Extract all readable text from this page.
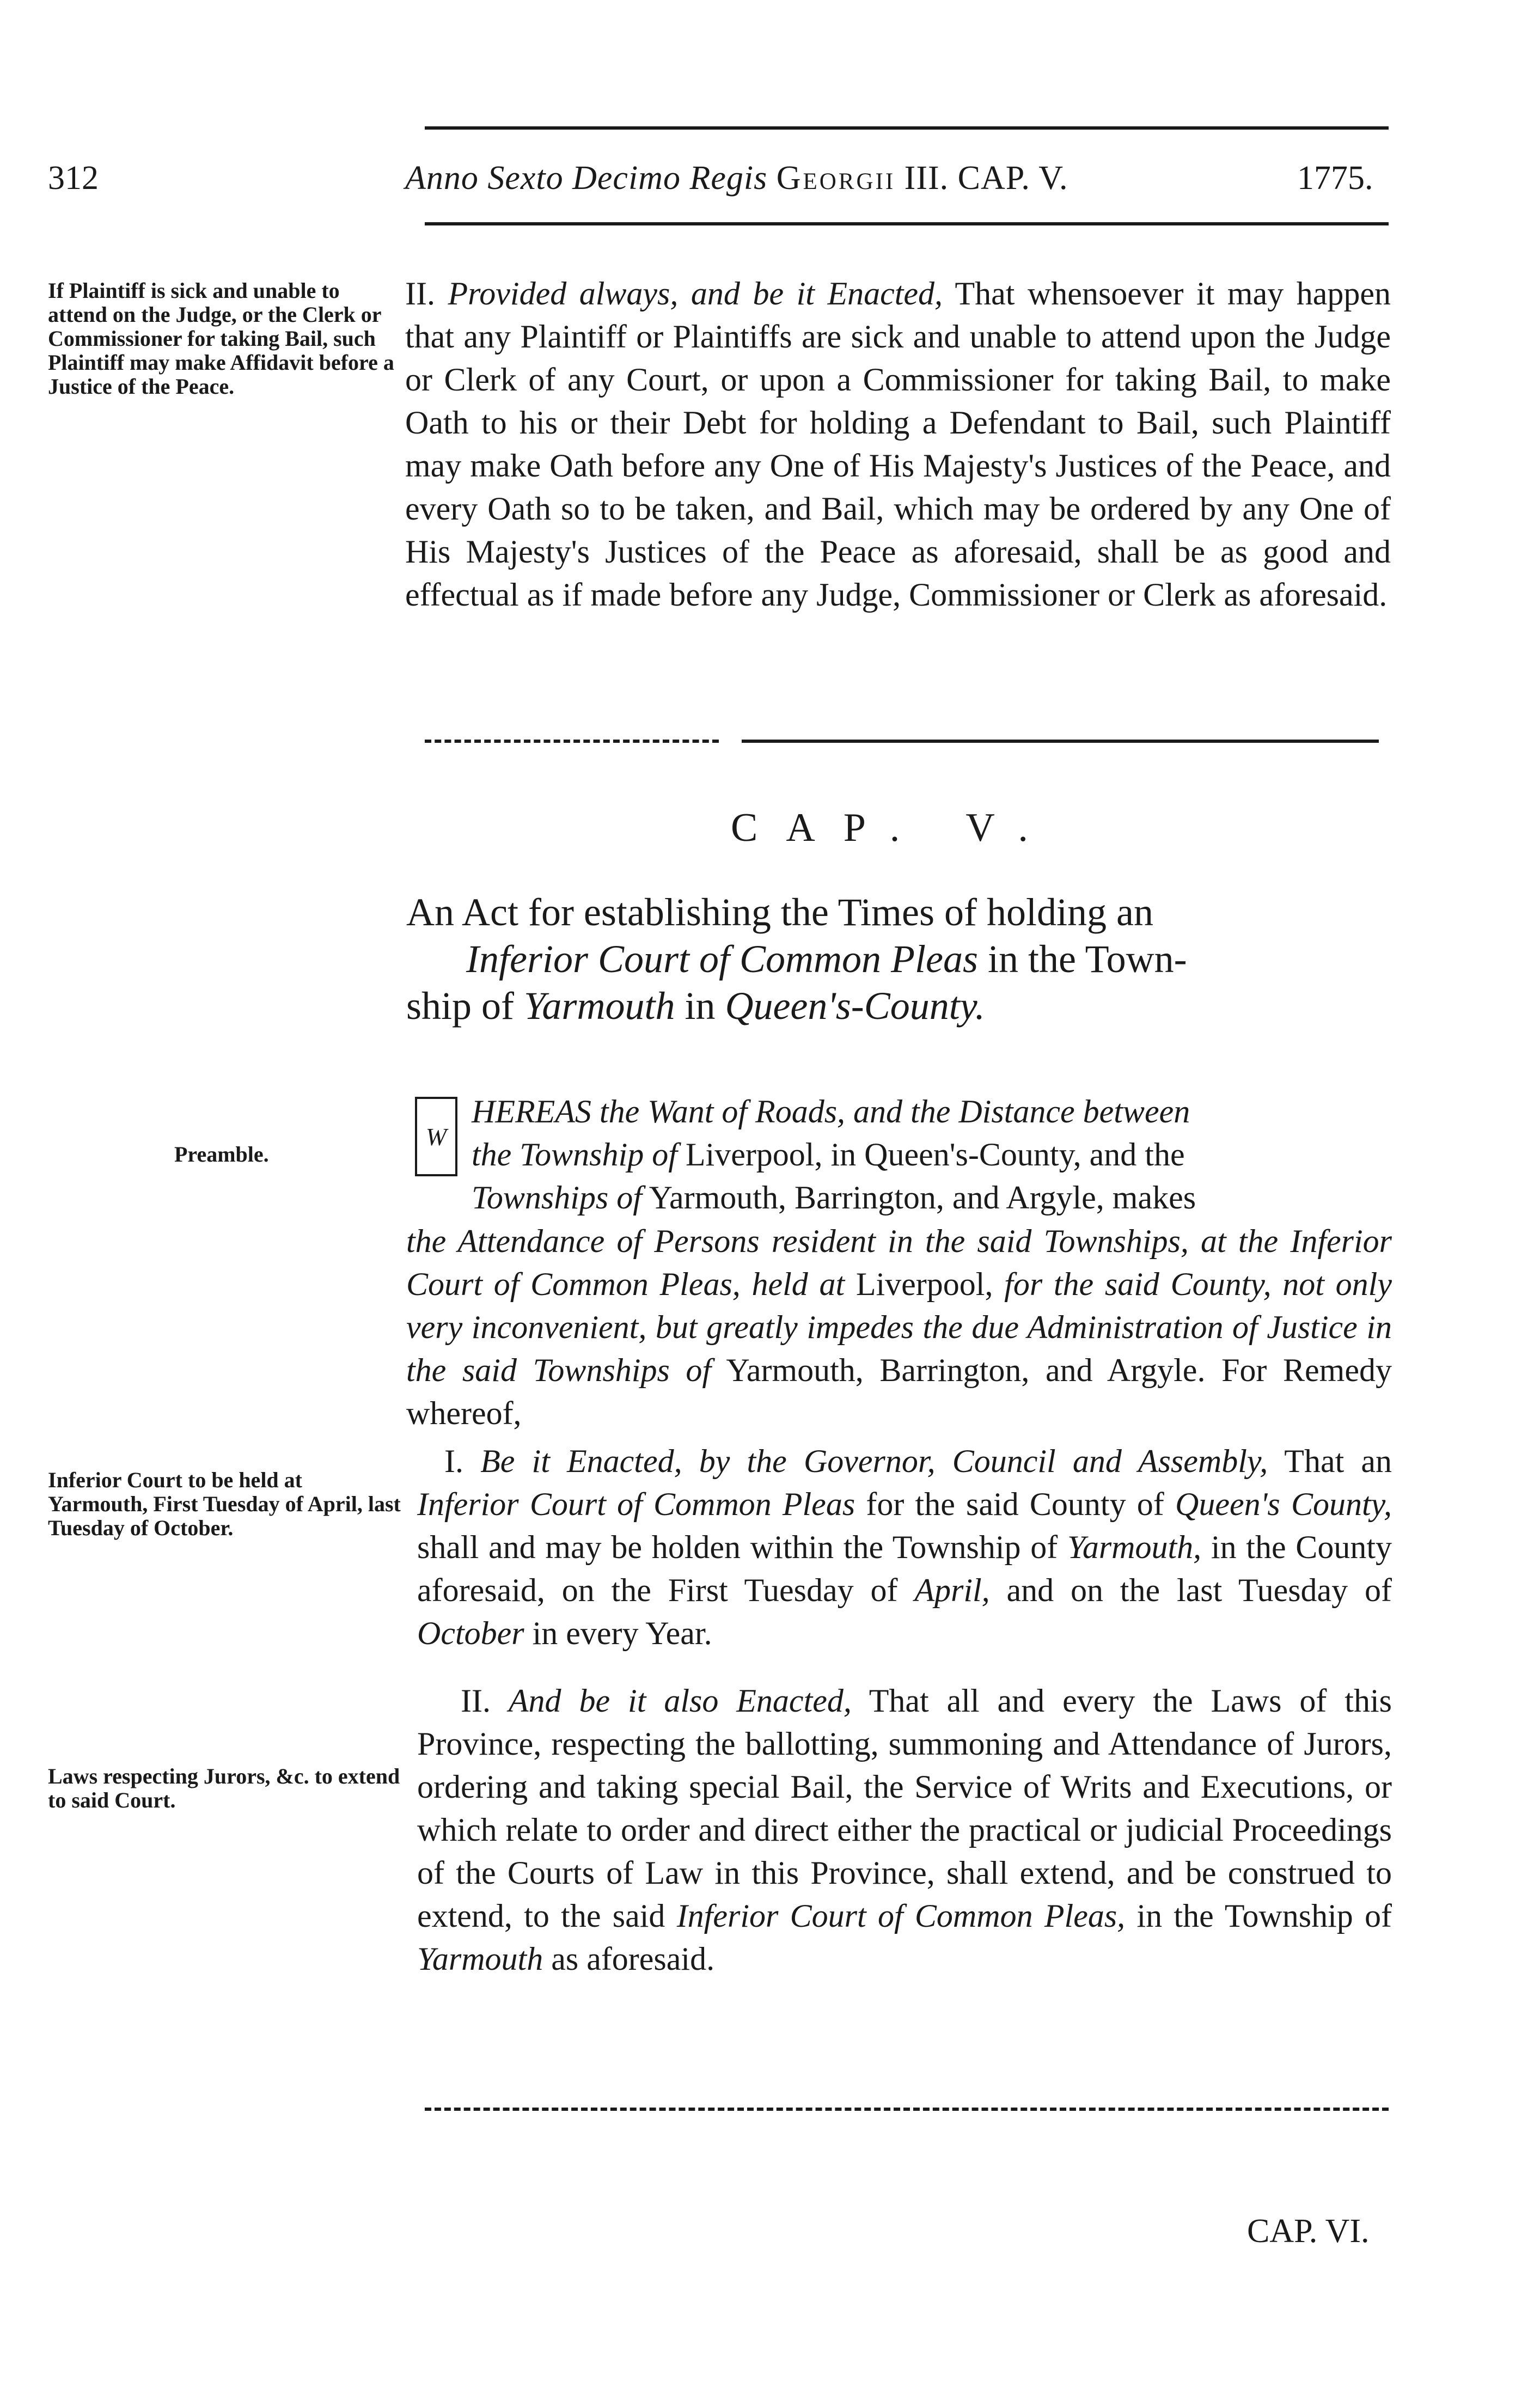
312	Anno Sexto Decimo Regis Georgii III. CAP. V.	1775.
If Plaintiff is sick and unable to attend on the Judge, or the Clerk or Commissioner for taking Bail, such Plaintiff may make Affidavit before a Justice of the Peace.
II. Provided always, and be it Enacted, That whensoever it may happen that any Plaintiff or Plaintiffs are sick and unable to attend upon the Judge or Clerk of any Court, or upon a Commissioner for taking Bail, to make Oath to his or their Debt for holding a Defendant to Bail, such Plaintiff may make Oath before any One of His Majesty's Justices of the Peace, and every Oath so to be taken, and Bail, which may be ordered by any One of His Majesty's Justices of the Peace as aforesaid, shall be as good and effectual as if made before any Judge, Commissioner or Clerk as aforesaid.
CAP. V.
An Act for establishing the Times of holding an
Inferior Court of Common Pleas in the Town-
ship of Yarmouth in Queen's-County.
Preamble.
W
HEREAS the Want of Roads, and the Distance between
the Township of Liverpool, in Queen's-County, and the
Townships of Yarmouth, Barrington, and Argyle, makes
the Attendance of Persons resident in the said Townships, at the Inferior Court of Common Pleas, held at Liverpool, for the said County, not only very inconvenient, but greatly impedes the due Administration of Justice in the said Townships of Yarmouth, Barrington, and Argyle. For Remedy whereof,
Inferior Court to be held at Yarmouth, First Tuesday of April, last Tuesday of October.
I. Be it Enacted, by the Governor, Council and Assembly, That an Inferior Court of Common Pleas for the said County of Queen's County, shall and may be holden within the Township of Yarmouth, in the County aforesaid, on the First Tuesday of April, and on the last Tuesday of October in every Year.
Laws respecting Jurors, &c. to extend to said Court.
II. And be it also Enacted, That all and every the Laws of this Province, respecting the ballotting, summoning and Attendance of Jurors, ordering and taking special Bail, the Service of Writs and Executions, or which relate to order and direct either the practical or judicial Proceedings of the Courts of Law in this Province, shall extend, and be construed to extend, to the said Inferior Court of Common Pleas, in the Township of Yarmouth as aforesaid.
CAP. VI.
